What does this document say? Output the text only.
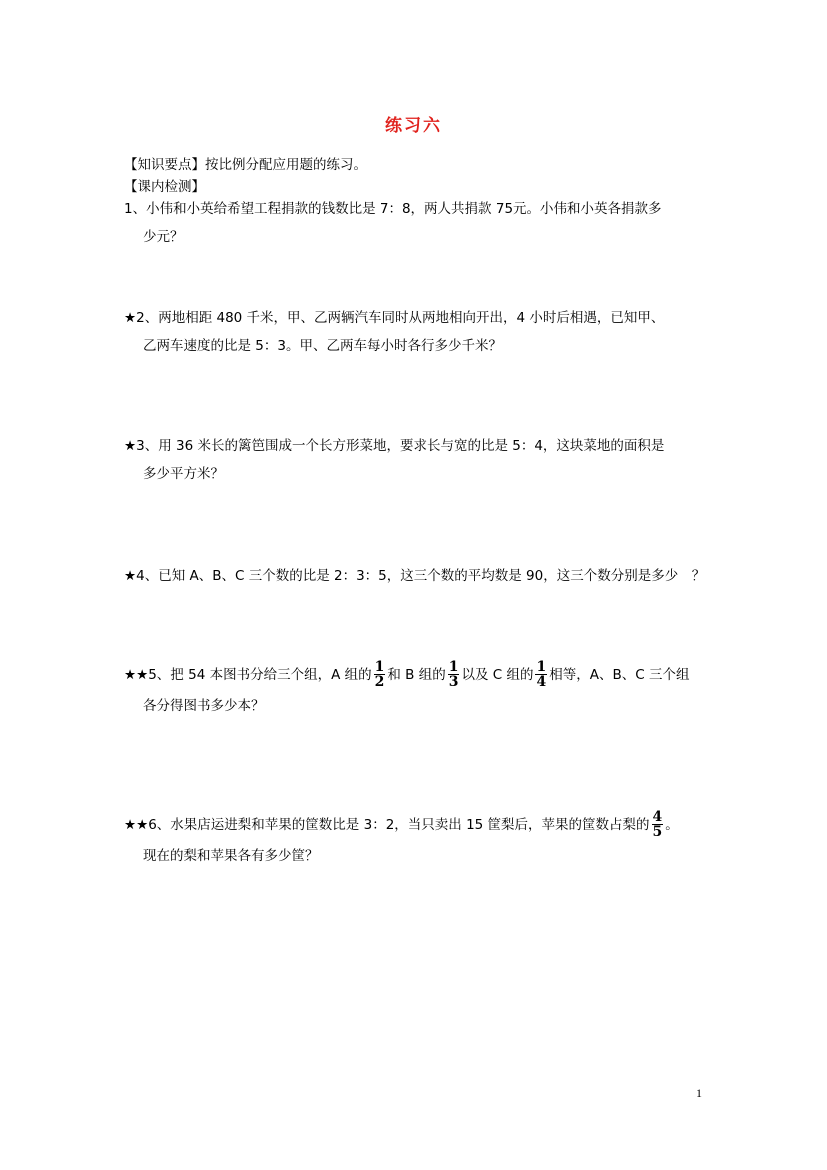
练习六
【知识要点】按比例分配应用题的练习。
【课内检测】
1、小伟和小英给希望工程捐款的钱数比是 7：8，两人共捐款 75元。小伟和小英各捐款多
少元？
★2、两地相距 480 千米，甲、乙两辆汽车同时从两地相向开出，4 小时后相遇，已知甲、
乙两车速度的比是 5：3。甲、乙两车每小时各行多少千米？
★3、用 36 米长的篱笆围成一个长方形菜地，要求长与宽的比是 5：4，这块菜地的面积是
多少平方米？
★4、已知 A、B、C 三个数的比是 2：3：5，这三个数的平均数是 90，这三个数分别是多少　？
★★5、把 54 本图书分给三个组，A 组的 $\frac{1}{2}$ 和 B 组的 $\frac{1}{3}$ 以及 C 组的 $\frac{1}{4}$ 相等，A、B、C 三个组
各分得图书多少本？
★★6、水果店运进梨和苹果的筐数比是 3：2，当只卖出 15 筐梨后，苹果的筐数占梨的 $\frac{4}{5}$ 。
现在的梨和苹果各有多少筐？
1
